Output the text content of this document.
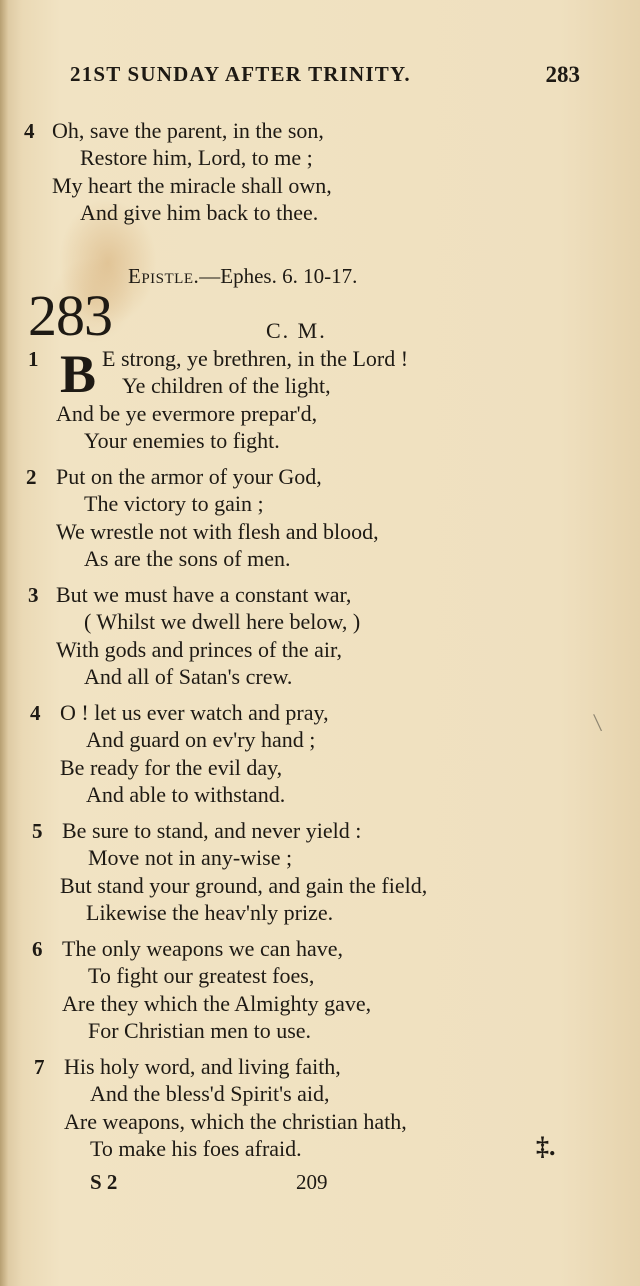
21ST SUNDAY AFTER TRINITY.	283
4 Oh, save the parent, in the son,
Restore him, Lord, to me ;
My heart the miracle shall own,
And give him back to thee.
Epistle.—Ephes. 6. 10-17.
283	C. M.
1 B E strong, ye brethren, in the Lord !
Ye children of the light,
And be ye evermore prepar'd,
Your enemies to fight.
2 Put on the armor of your God,
The victory to gain ;
We wrestle not with flesh and blood,
As are the sons of men.
3 But we must have a constant war,
( Whilst we dwell here below, )
With gods and princes of the air,
And all of Satan's crew.
4 O ! let us ever watch and pray,
And guard on ev'ry hand ;
Be ready for the evil day,
And able to withstand.
5 Be sure to stand, and never yield :
Move not in any-wise ;
But stand your ground, and gain the field,
Likewise the heav'nly prize.
6 The only weapons we can have,
To fight our greatest foes,
Are they which the Almighty gave,
For Christian men to use.
7 His holy word, and living faith,
And the bless'd Spirit's aid,
Are weapons, which the christian hath,
To make his foes afraid.	‡.
\
S 2	209
